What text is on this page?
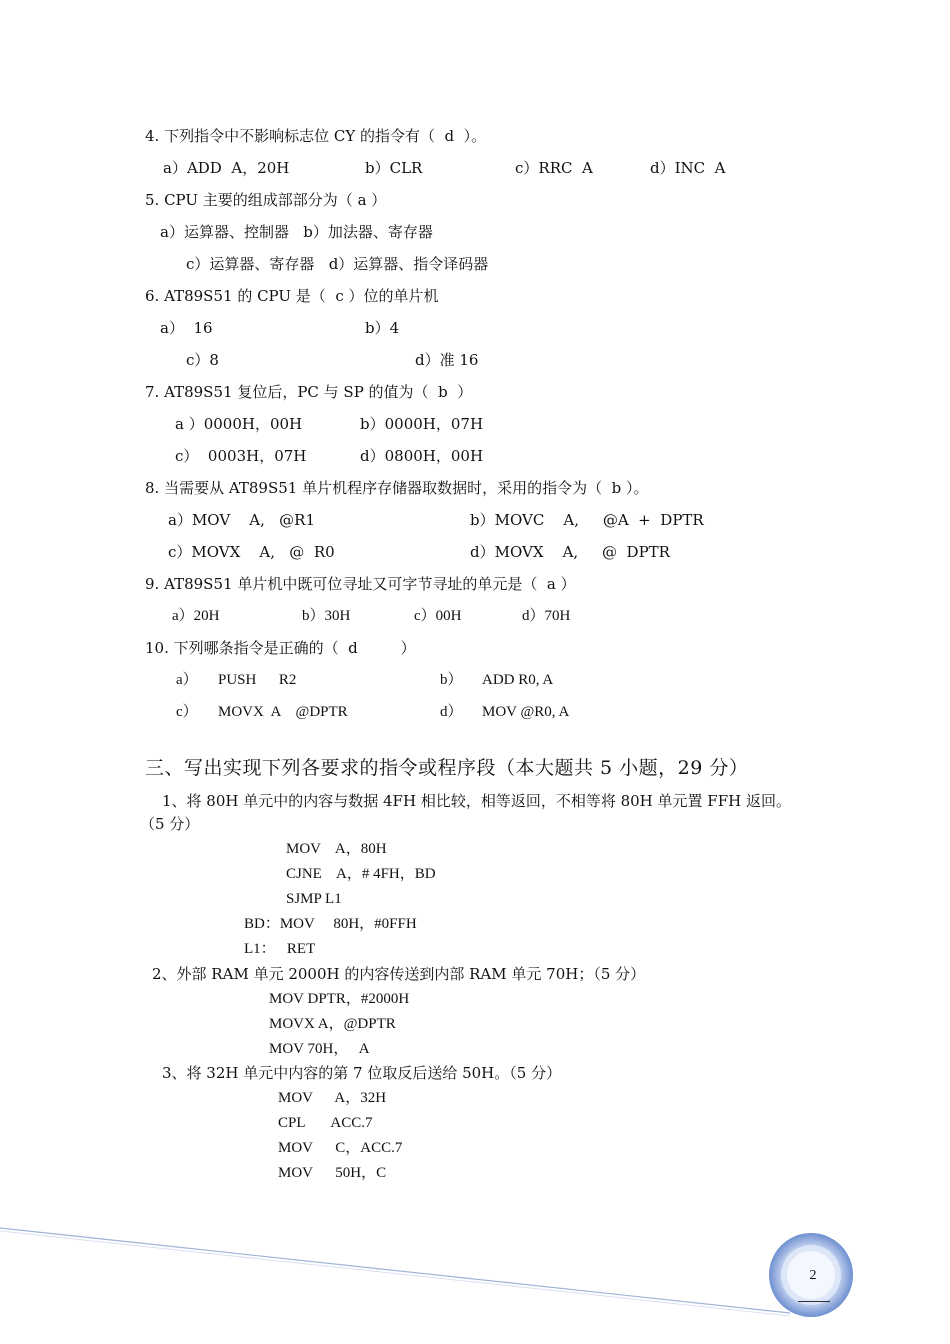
4. 下列指令中不影响标志位 CY 的指令有（  d  ）。
a）ADD  A，20H	b）CLR	c）RRC  A	d）INC  A
5. CPU 主要的组成部部分为（ a ）
a）运算器、控制器   b）加法器、寄存器
c）运算器、寄存器   d）运算器、指令译码器
6. AT89S51 的 CPU 是（  c ）位的单片机
a）  16	b）4
c）8	d）准 16
7. AT89S51 复位后，PC 与 SP 的值为（  b  ）
a ）0000H，00H	b）0000H，07H
c）  0003H，07H	d）0800H，00H
8. 当需要从 AT89S51 单片机程序存储器取数据时，采用的指令为（  b ）。
a）MOV    A,   @R1	b）MOVC    A,     @A  +  DPTR
c）MOVX    A,   @  R0	d）MOVX    A,     @  DPTR
9. AT89S51 单片机中既可位寻址又可字节寻址的单元是（  a ）
a）20H	b）30H	c）00H	d）70H
10. 下列哪条指令是正确的（  d         ）
a） PUSH      R2	b） ADD R0, A
c） MOVX  A    @DPTR	d） MOV @R0, A
三、写出实现下列各要求的指令或程序段（本大题共 5 小题，29 分）
1、将 80H 单元中的内容与数据 4FH 相比较，相等返回，不相等将 80H 单元置 FFH 返回。
（5 分）
MOV    A，80H
CJNE    A，# 4FH，BD
SJMP L1
BD：MOV     80H，#0FFH
L1：   RET
2、外部 RAM 单元 2000H 的内容传送到内部 RAM 单元 70H；（5 分）
MOV DPTR，#2000H
MOVX A，@DPTR
MOV 70H，   A
3、将 32H 单元中内容的第 7 位取反后送给 50H。（5 分）
MOV      A，32H
CPL       ACC.7
MOV      C，ACC.7
MOV      50H，C
2
